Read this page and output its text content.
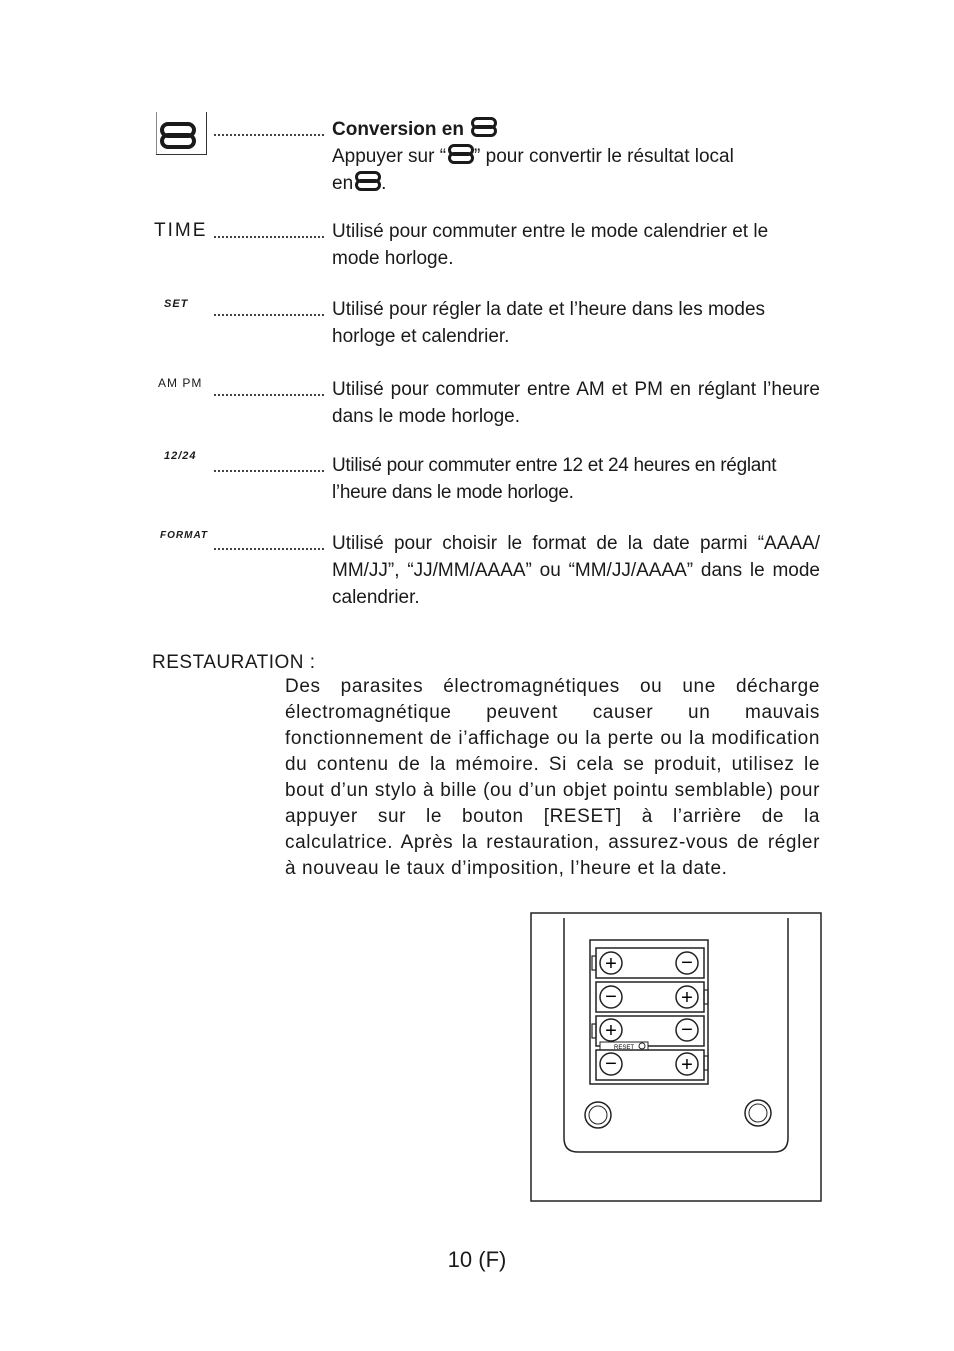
Conversion en
Appuyer sur “ ” pour convertir le résultat local
en .
TIME	Utilisé pour commuter entre le mode calendrier et le mode horloge.
SET	Utilisé pour régler la date et l’heure dans les modes horloge et calendrier.
AM PM	Utilisé pour commuter entre AM et PM en réglant l’heure dans le mode horloge.
12/24	Utilisé pour commuter entre 12 et 24 heures en réglant l’heure dans le mode horloge.
FORMAT	Utilisé pour choisir le format de la date parmi “AAAA/ MM/JJ”, “JJ/MM/AAAA” ou “MM/JJ/AAAA” dans le mode calendrier.
RESTAURATION :
Des parasites électromagnétiques ou une décharge électromagnétique peuvent causer un mauvais fonctionnement de i’affichage ou la perte ou la modification du contenu de la mémoire. Si cela se produit, utilisez le bout d’un stylo à bille (ou d’un objet pointu semblable) pour appuyer sur le bouton [RESET] à l’arrière de la calculatrice. Après la restauration, assurez-vous de régler à nouveau le taux d’imposition, l’heure et la date.
+	−
−	+
+	−
RESET
−	+
10 (F)
